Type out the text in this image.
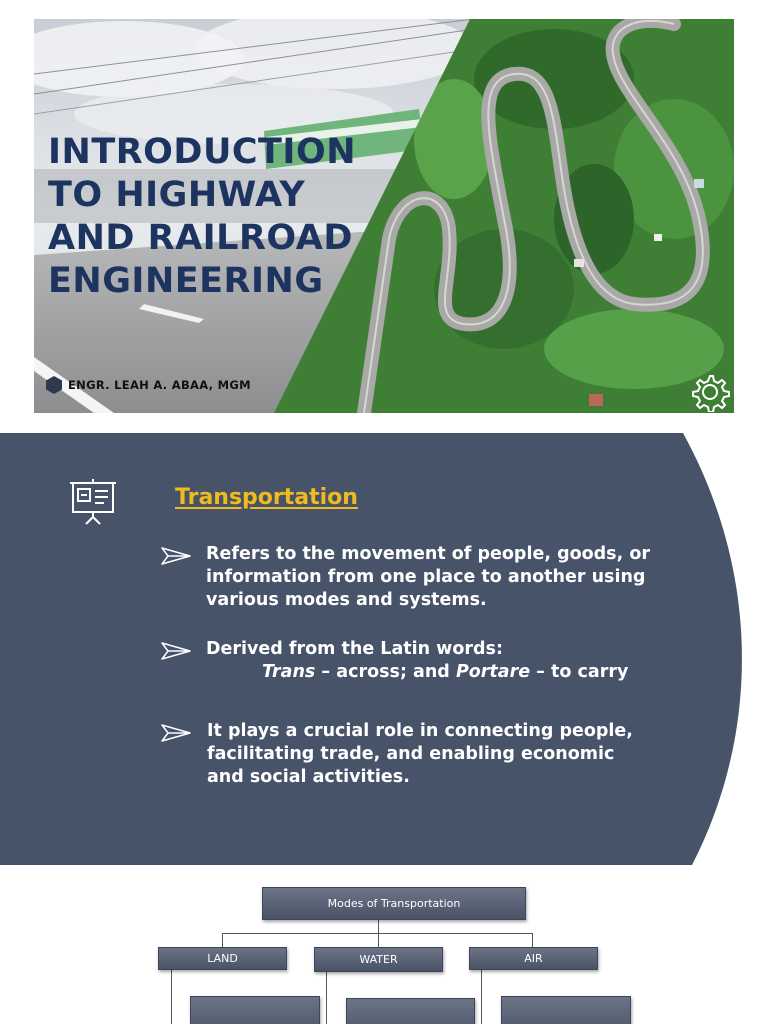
INTRODUCTION
TO HIGHWAY
AND RAILROAD
ENGINEERING
ENGR. LEAH A. ABAA, MGM
Transportation
Refers to the movement of people, goods, or information from one place to another using various modes and systems.
Derived from the Latin words:
Trans – across; and Portare – to carry
It plays a crucial role in connecting people, facilitating trade, and enabling economic and social activities.
Modes of Transportation
LAND	WATER	AIR
